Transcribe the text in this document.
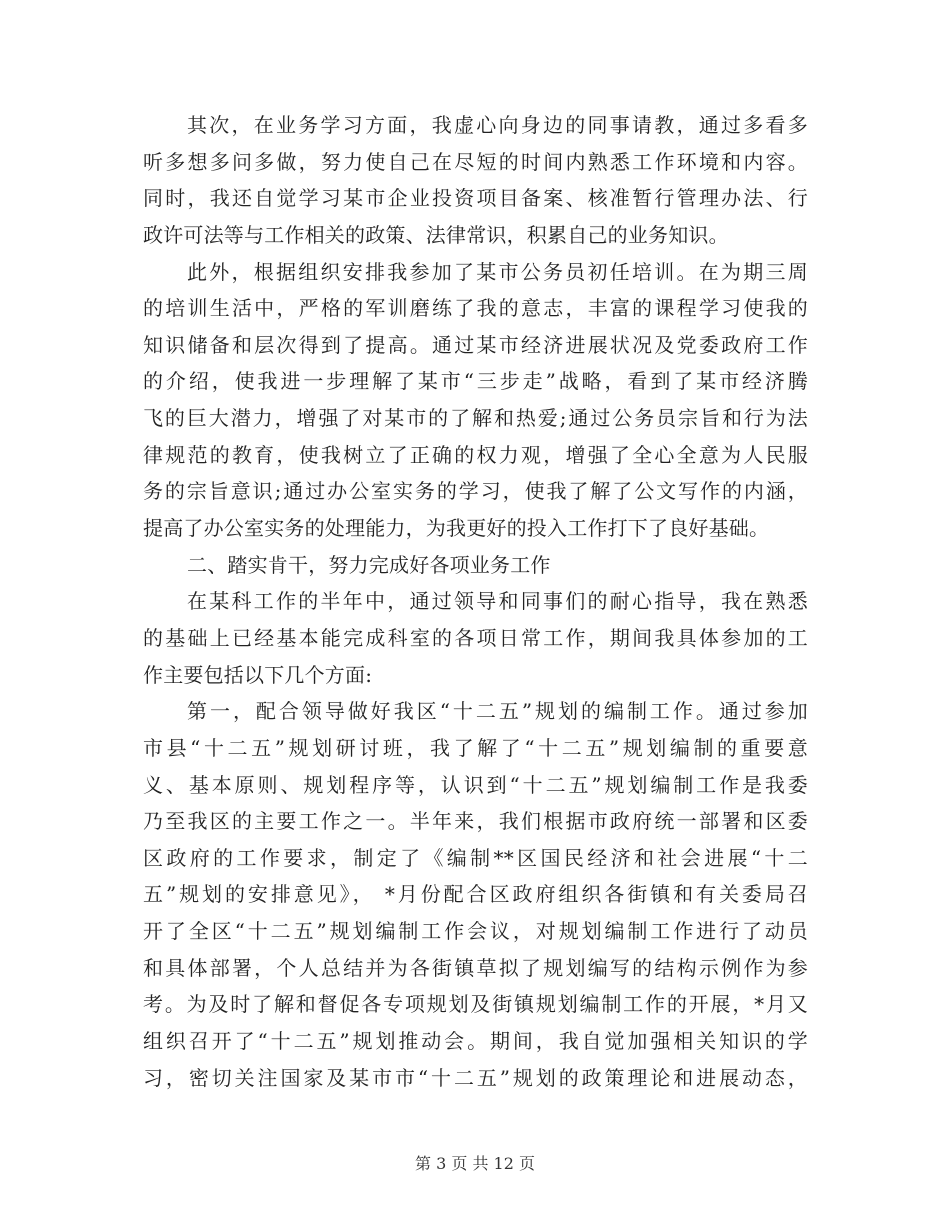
其次，在业务学习方面，我虚心向身边的同事请教，通过多看多
听多想多问多做，努力使自己在尽短的时间内熟悉工作环境和内容。
同时，我还自觉学习某市企业投资项目备案、核准暂行管理办法、行
政许可法等与工作相关的政策、法律常识，积累自己的业务知识。
此外，根据组织安排我参加了某市公务员初任培训。在为期三周
的培训生活中，严格的军训磨练了我的意志，丰富的课程学习使我的
知识储备和层次得到了提高。通过某市经济进展状况及党委政府工作
的介绍，使我进一步理解了某市“三步走”战略，看到了某市经济腾
飞的巨大潜力，增强了对某市的了解和热爱;通过公务员宗旨和行为法
律规范的教育，使我树立了正确的权力观，增强了全心全意为人民服
务的宗旨意识;通过办公室实务的学习，使我了解了公文写作的内涵，
提高了办公室实务的处理能力，为我更好的投入工作打下了良好基础。
二、踏实肯干，努力完成好各项业务工作
在某科工作的半年中，通过领导和同事们的耐心指导，我在熟悉
的基础上已经基本能完成科室的各项日常工作，期间我具体参加的工
作主要包括以下几个方面:
第一，配合领导做好我区“十二五”规划的编制工作。通过参加
市县“十二五”规划研讨班，我了解了“十二五”规划编制的重要意
义、基本原则、规划程序等，认识到“十二五”规划编制工作是我委
乃至我区的主要工作之一。半年来，我们根据市政府统一部署和区委
区政府的工作要求，制定了《编制**区国民经济和社会进展“十二
五”规划的安排意见》， *月份配合区政府组织各街镇和有关委局召
开了全区“十二五”规划编制工作会议，对规划编制工作进行了动员
和具体部署，个人总结并为各街镇草拟了规划编写的结构示例作为参
考。为及时了解和督促各专项规划及街镇规划编制工作的开展，*月又
组织召开了“十二五”规划推动会。期间，我自觉加强相关知识的学
习，密切关注国家及某市市“十二五”规划的政策理论和进展动态，
第 3 页 共 12 页
